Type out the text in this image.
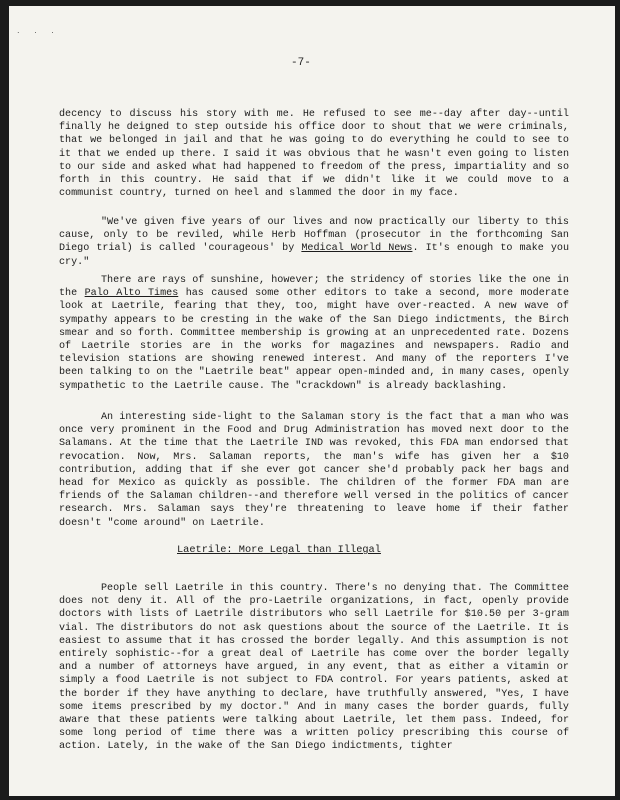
. . .
-7-

decency to discuss his story with me. He refused to see me--day after day--until finally he deigned to step outside his office door to shout that we were criminals, that we belonged in jail and that he was going to do everything he could to see to it that we ended up there. I said it was obvious that he wasn't even going to listen to our side and asked what had happened to freedom of the press, impartiality and so forth in this country. He said that if we didn't like it we could move to a communist country, turned on heel and slammed the door in my face.

"We've given five years of our lives and now practically our liberty to this cause, only to be reviled, while Herb Hoffman (prosecutor in the forthcoming San Diego trial) is called 'courageous' by Medical World News. It's enough to make you cry."

There are rays of sunshine, however; the stridency of stories like the one in the Palo Alto Times has caused some other editors to take a second, more moderate look at Laetrile, fearing that they, too, might have over-reacted. A new wave of sympathy appears to be cresting in the wake of the San Diego indictments, the Birch smear and so forth. Committee membership is growing at an unprecedented rate. Dozens of Laetrile stories are in the works for magazines and newspapers. Radio and television stations are showing renewed interest. And many of the reporters I've been talking to on the "Laetrile beat" appear open-minded and, in many cases, openly sympathetic to the Laetrile cause. The "crackdown" is already backlashing.

An interesting side-light to the Salaman story is the fact that a man who was once very prominent in the Food and Drug Administration has moved next door to the Salamans. At the time that the Laetrile IND was revoked, this FDA man endorsed that revocation. Now, Mrs. Salaman reports, the man's wife has given her a $10 contribution, adding that if she ever got cancer she'd probably pack her bags and head for Mexico as quickly as possible. The children of the former FDA man are friends of the Salaman children--and therefore well versed in the politics of cancer research. Mrs. Salaman says they're threatening to leave home if their father doesn't "come around" on Laetrile.

Laetrile: More Legal than Illegal

People sell Laetrile in this country. There's no denying that. The Committee does not deny it. All of the pro-Laetrile organizations, in fact, openly provide doctors with lists of Laetrile distributors who sell Laetrile for $10.50 per 3-gram vial. The distributors do not ask questions about the source of the Laetrile. It is easiest to assume that it has crossed the border legally. And this assumption is not entirely sophistic--for a great deal of Laetrile has come over the border legally and a number of attorneys have argued, in any event, that as either a vitamin or simply a food Laetrile is not subject to FDA control. For years patients, asked at the border if they have anything to declare, have truthfully answered, "Yes, I have some items prescribed by my doctor." And in many cases the border guards, fully aware that these patients were talking about Laetrile, let them pass. Indeed, for some long period of time there was a written policy prescribing this course of action. Lately, in the wake of the San Diego indictments, tighter
